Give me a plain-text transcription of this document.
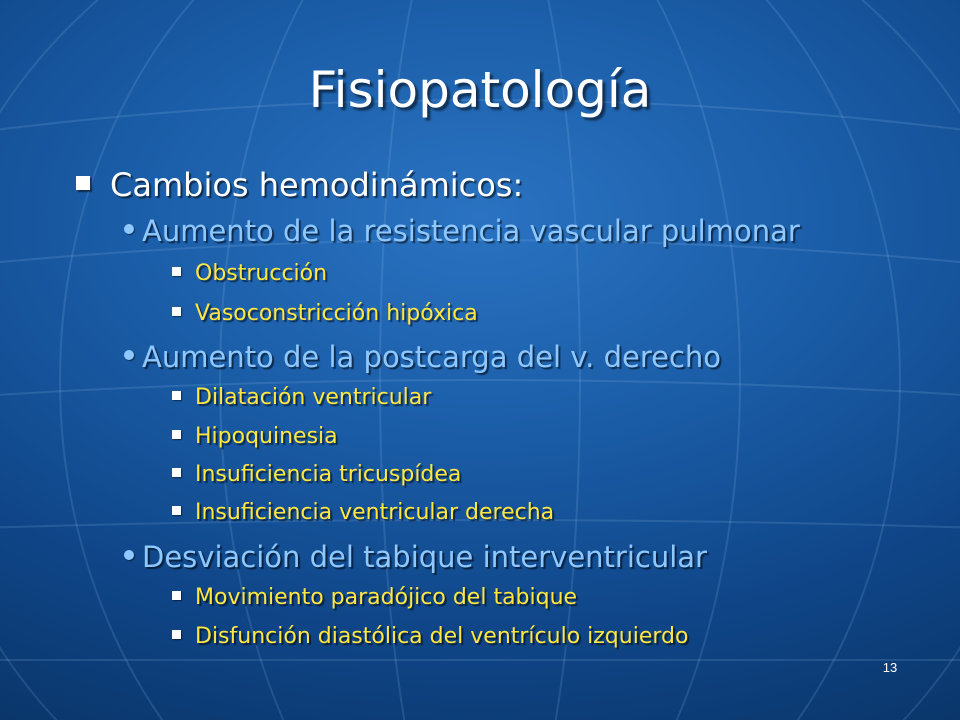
Fisiopatología
Cambios hemodinámicos:
Aumento de la resistencia vascular pulmonar
Obstrucción
Vasoconstricción hipóxica
Aumento de la postcarga del v. derecho
Dilatación ventricular
Hipoquinesia
Insuficiencia tricuspídea
Insuficiencia ventricular derecha
Desviación del tabique interventricular
Movimiento paradójico del tabique
Disfunción diastólica del ventrículo izquierdo
13
